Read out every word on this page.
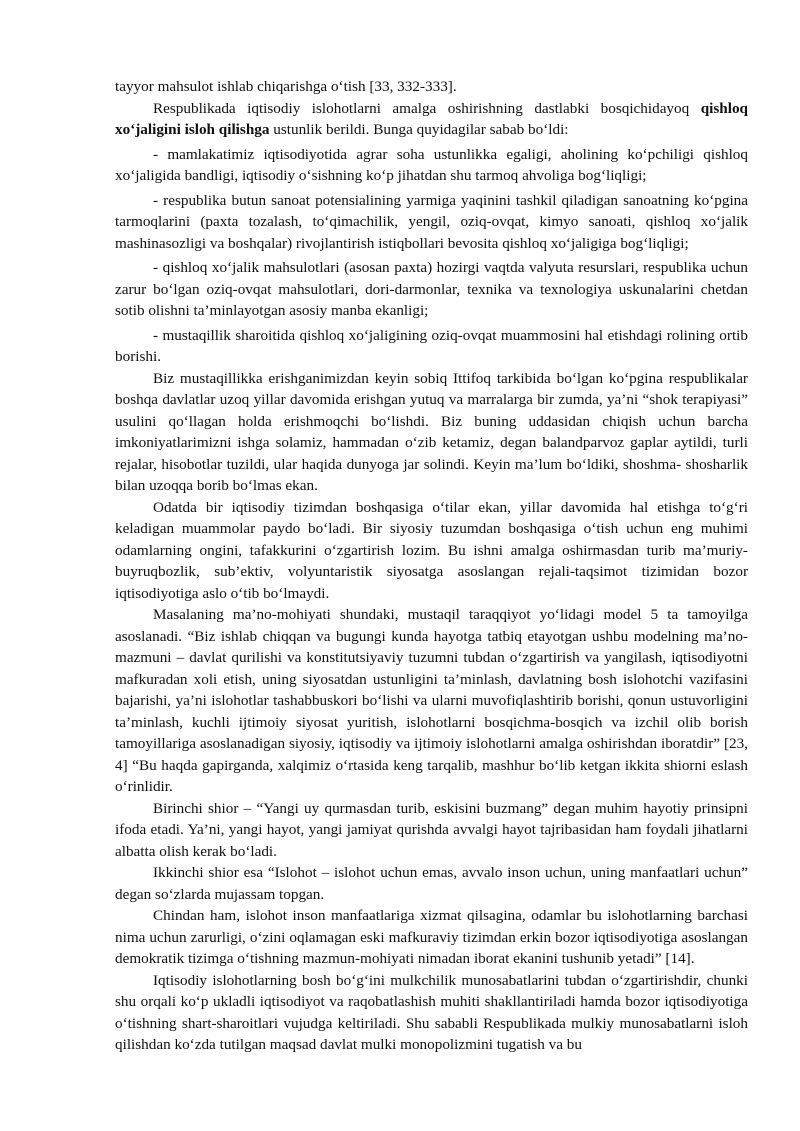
tayyor mahsulot ishlab chiqarishga o‘tish [33, 332-333].

Respublikada iqtisodiy islohotlarni amalga oshirishning dastlabki bosqichidayoq qishloq xo‘jaligini isloh qilishga ustunlik berildi. Bunga quyidagilar sabab bo‘ldi:

- mamlakatimiz iqtisodiyotida agrar soha ustunlikka egaligi, aholining ko‘pchiligi qishloq xo‘jaligida bandligi, iqtisodiy o‘sishning ko‘p jihatdan shu tarmoq ahvoliga bog‘liqligi;

- respublika butun sanoat potensialining yarmiga yaqinini tashkil qiladigan sanoatning ko‘pgina tarmoqlarini (paxta tozalash, to‘qimachilik, yengil, oziq-ovqat, kimyo sanoati, qishloq xo‘jalik mashinasozligi va boshqalar) rivojlantirish istiqbollari bevosita qishloq xo‘jaligiga bog‘liqligi;

- qishloq xo‘jalik mahsulotlari (asosan paxta) hozirgi vaqtda valyuta resurslari, respublika uchun zarur bo‘lgan oziq-ovqat mahsulotlari, dori-darmonlar, texnika va texnologiya uskunalarini chetdan sotib olishni ta’minlayotgan asosiy manba ekanligi;

- mustaqillik sharoitida qishloq xo‘jaligining oziq-ovqat muammosini hal etishdagi rolining ortib borishi.

Biz mustaqillikka erishganimizdan keyin sobiq Ittifoq tarkibida bo‘lgan ko‘pgina respublikalar boshqa davlatlar uzoq yillar davomida erishgan yutuq va marralarga bir zumda, ya’ni “shok terapiyasi” usulini qo‘llagan holda erishmoqchi bo‘lishdi. Biz buning uddasidan chiqish uchun barcha imkoniyatlarimizni ishga solamiz, hammadan o‘zib ketamiz, degan balandparvoz gaplar aytildi, turli rejalar, hisobotlar tuzildi, ular haqida dunyoga jar solindi. Keyin ma’lum bo‘ldiki, shoshma- shosharlik bilan uzoqqa borib bo‘lmas ekan.

Odatda bir iqtisodiy tizimdan boshqasiga o‘tilar ekan, yillar davomida hal etishga to‘g‘ri keladigan muammolar paydo bo‘ladi. Bir siyosiy tuzumdan boshqasiga o‘tish uchun eng muhimi odamlarning ongini, tafakkurini o‘zgartirish lozim. Bu ishni amalga oshirmasdan turib ma’muriy-buyruqbozlik, sub’ektiv, volyuntaristik siyosatga asoslangan rejali-taqsimot tizimidan bozor iqtisodiyotiga aslo o‘tib bo‘lmaydi.

Masalaning ma’no-mohiyati shundaki, mustaqil taraqqiyot yo‘lidagi model 5 ta tamoyilga asoslanadi. “Biz ishlab chiqqan va bugungi kunda hayotga tatbiq etayotgan ushbu modelning ma’no- mazmuni – davlat qurilishi va konstitutsiyaviy tuzumni tubdan o‘zgartirish va yangilash, iqtisodiyotni mafkuradan xoli etish, uning siyosatdan ustunligini ta’minlash, davlatning bosh islohotchi vazifasini bajarishi, ya’ni islohotlar tashabbuskori bo‘lishi va ularni muvofiqlashtirib borishi, qonun ustuvorligini ta’minlash, kuchli ijtimoiy siyosat yuritish, islohotlarni bosqichma-bosqich va izchil olib borish tamoyillariga asoslanadigan siyosiy, iqtisodiy va ijtimoiy islohotlarni amalga oshirishdan iboratdir” [23, 4] “Bu haqda gapirganda, xalqimiz o‘rtasida keng tarqalib, mashhur bo‘lib ketgan ikkita shiorni eslash o‘rinlidir.

Birinchi shior – “Yangi uy qurmasdan turib, eskisini buzmang” degan muhim hayotiy prinsipni ifoda etadi. Ya’ni, yangi hayot, yangi jamiyat qurishda avvalgi hayot tajribasidan ham foydali jihatlarni albatta olish kerak bo‘ladi.

Ikkinchi shior esa “Islohot – islohot uchun emas, avvalo inson uchun, uning manfaatlari uchun” degan so‘zlarda mujassam topgan.

Chindan ham, islohot inson manfaatlariga xizmat qilsagina, odamlar bu islohotlarning barchasi nima uchun zarurligi, o‘zini oqlamagan eski mafkuraviy tizimdan erkin bozor iqtisodiyotiga asoslangan demokratik tizimga o‘tishning mazmun-mohiyati nimadan iborat ekanini tushunib yetadi” [14].

Iqtisodiy islohotlarning bosh bo‘g‘ini mulkchilik munosabatlarini tubdan o‘zgartirishdir, chunki shu orqali ko‘p ukladli iqtisodiyot va raqobatlashish muhiti shakllantiriladi hamda bozor iqtisodiyotiga o‘tishning shart-sharoitlari vujudga keltiriladi. Shu sababli Respublikada mulkiy munosabatlarni isloh qilishdan ko‘zda tutilgan maqsad davlat mulki monopolizmini tugatish va bu
